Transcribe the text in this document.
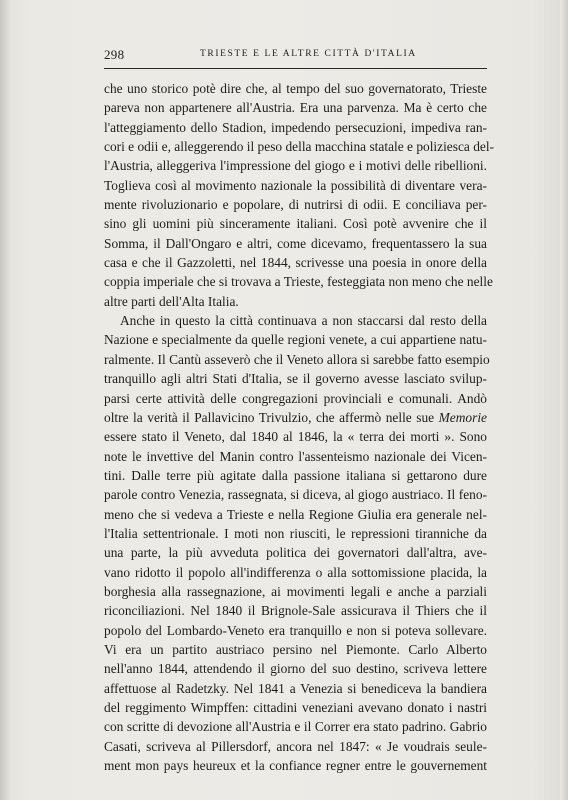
298	TRIESTE E LE ALTRE CITTÀ D'ITALIA
che uno storico potè dire che, al tempo del suo governatorato, Trieste
pareva non appartenere all'Austria. Era una parvenza. Ma è certo che
l'atteggiamento dello Stadion, impedendo persecuzioni, impediva ran-
cori e odii e, alleggerendo il peso della macchina statale e poliziesca del-
l'Austria, alleggeriva l'impressione del giogo e i motivi delle ribellioni.
Toglieva così al movimento nazionale la possibilità di diventare vera-
mente rivoluzionario e popolare, di nutrirsi di odii. E conciliava per-
sino gli uomini più sinceramente italiani. Così potè avvenire che il
Somma, il Dall'Ongaro e altri, come dicevamo, frequentassero la sua
casa e che il Gazzoletti, nel 1844, scrivesse una poesia in onore della
coppia imperiale che si trovava a Trieste, festeggiata non meno che nelle
altre parti dell'Alta Italia.
Anche in questo la città continuava a non staccarsi dal resto della
Nazione e specialmente da quelle regioni venete, a cui appartiene natu-
ralmente. Il Cantù asseverò che il Veneto allora si sarebbe fatto esempio
tranquillo agli altri Stati d'Italia, se il governo avesse lasciato svilup-
parsi certe attività delle congregazioni provinciali e comunali. Andò
oltre la verità il Pallavicino Trivulzio, che affermò nelle sue Memorie
essere stato il Veneto, dal 1840 al 1846, la « terra dei morti ». Sono
note le invettive del Manin contro l'assenteismo nazionale dei Vicen-
tini. Dalle terre più agitate dalla passione italiana si gettarono dure
parole contro Venezia, rassegnata, si diceva, al giogo austriaco. Il feno-
meno che si vedeva a Trieste e nella Regione Giulia era generale nel-
l'Italia settentrionale. I moti non riusciti, le repressioni tiranniche da
una parte, la più avveduta politica dei governatori dall'altra, ave-
vano ridotto il popolo all'indifferenza o alla sottomissione placida, la
borghesia alla rassegnazione, ai movimenti legali e anche a parziali
riconciliazioni. Nel 1840 il Brignole-Sale assicurava il Thiers che il
popolo del Lombardo-Veneto era tranquillo e non si poteva sollevare.
Vi era un partito austriaco persino nel Piemonte. Carlo Alberto
nell'anno 1844, attendendo il giorno del suo destino, scriveva lettere
affettuose al Radetzky. Nel 1841 a Venezia si benediceva la bandiera
del reggimento Wimpffen: cittadini veneziani avevano donato i nastri
con scritte di devozione all'Austria e il Correr era stato padrino. Gabrio
Casati, scriveva al Pillersdorf, ancora nel 1847: « Je voudrais seule-
ment mon pays heureux et la confiance regner entre le gouvernement
